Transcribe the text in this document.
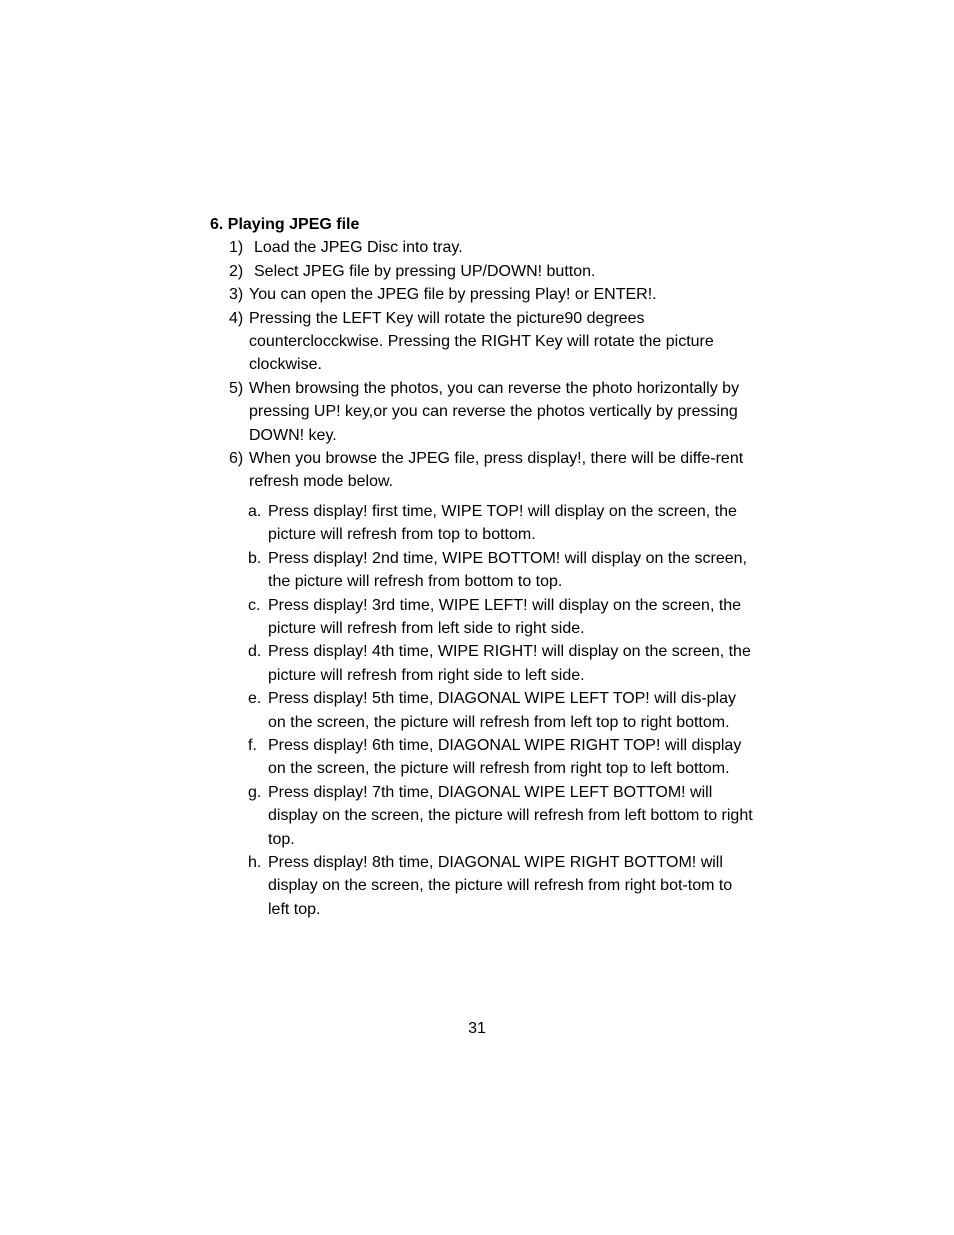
6. Playing JPEG file

1) Load the JPEG Disc into tray.
2) Select JPEG file by pressing UP/DOWN! button.
3) You can open the JPEG file by pressing Play! or ENTER!.
4) Pressing the LEFT Key will rotate the picture90 degrees counterclocckwise. Pressing the RIGHT Key will rotate the picture clockwise.
5) When browsing the photos, you can reverse the photo horizontally by pressing UP! key,or you can reverse the photos vertically by pressing DOWN! key.
6) When you browse the JPEG file, press display!, there will be diffe-rent refresh mode below.
a. Press display! first time, WIPE TOP! will display on the screen, the picture will refresh from top to bottom.
b. Press display! 2nd time, WIPE BOTTOM! will display on the screen, the picture will refresh from bottom to top.
c. Press display! 3rd time, WIPE LEFT! will display on the screen, the picture will refresh from left side to right side.
d. Press display! 4th time, WIPE RIGHT! will display on the screen, the picture will refresh from right side to left side.
e. Press display! 5th time, DIAGONAL WIPE LEFT TOP! will dis-play on the screen, the picture will refresh from left top to right bottom.
f. Press display! 6th time, DIAGONAL WIPE RIGHT TOP! will display on the screen, the picture will refresh from right top to left bottom.
g. Press display! 7th time, DIAGONAL WIPE LEFT BOTTOM! will display on the screen, the picture will refresh from left bottom to right top.
h. Press display! 8th time, DIAGONAL WIPE RIGHT BOTTOM! will display on the screen, the picture will refresh from right bot-tom to left top.
31
